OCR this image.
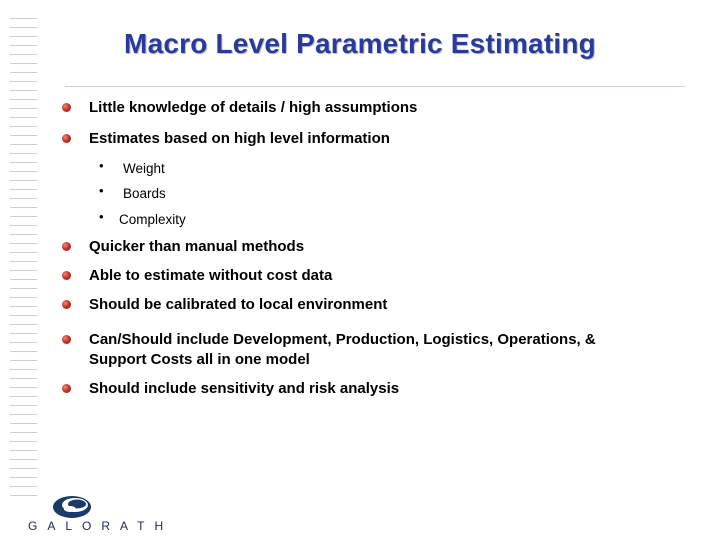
Macro Level Parametric Estimating
Little knowledge of details / high assumptions
Estimates based on high level information
• Weight
• Boards
• Complexity
Quicker than manual methods
Able to estimate without cost data
Should be calibrated to local environment
Can/Should include Development, Production, Logistics, Operations, &
Support Costs all in one model
Should include sensitivity and risk analysis
GALORATH
